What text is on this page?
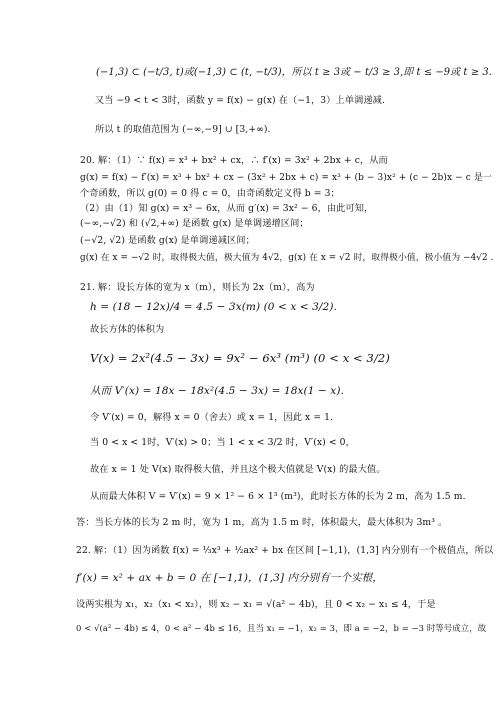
(−1,3) ⊂ (−t/3, t)或(−1,3) ⊂ (t, −t/3)，所以 t ≥ 3或 − t/3 ≥ 3,即 t ≤ −9或 t ≥ 3.
又当 −9 < t < 3时，函数 y = f(x) − g(x) 在（−1，3）上单调递减.
所以 t 的取值范围为 (−∞,−9] ∪ [3,+∞).
20. 解：（1）∵ f(x) = x³ + bx² + cx，∴ f′(x) = 3x² + 2bx + c，从而
g(x) = f(x) − f′(x) = x³ + bx² + cx − (3x² + 2bx + c) = x³ + (b − 3)x² + (c − 2b)x − c 是一
个奇函数，所以 g(0) = 0 得 c = 0，由奇函数定义得 b = 3；
（2）由（1）知 g(x) = x³ − 6x，从而 g′(x) = 3x² − 6，由此可知，
(−∞,−√2) 和 (√2,+∞) 是函数 g(x) 是单调递增区间；
(−√2, √2) 是函数 g(x) 是单调递减区间；
g(x) 在 x = −√2 时，取得极大值，极大值为 4√2，g(x) 在 x = √2 时，取得极小值，极小值为 −4√2 .
21. 解：设长方体的宽为 x（m），则长为 2x（m），高为
h = (18 − 12x)/4 = 4.5 − 3x(m) (0 < x < 3/2).
故长方体的体积为
V(x) = 2x²(4.5 − 3x) = 9x² − 6x³ (m³) (0 < x < 3/2)
从而 V′(x) = 18x − 18x²(4.5 − 3x) = 18x(1 − x).
令 V′(x) = 0，解得 x = 0（舍去）或 x = 1，因此 x = 1.
当 0 < x < 1时，V′(x) > 0；当 1 < x < 3/2 时，V′(x) < 0，
故在 x = 1 处 V(x) 取得极大值，并且这个极大值就是 V(x) 的最大值。
从而最大体积 V = V′(x) = 9 × 1² − 6 × 1³ (m³)，此时长方体的长为 2 m，高为 1.5 m.
答：当长方体的长为 2 m 时，宽为 1 m，高为 1.5 m 时，体积最大，最大体积为 3m³ 。
22. 解：（1）因为函数 f(x) = ⅓x³ + ½ax² + bx 在区间 [−1,1)，(1,3] 内分别有一个极值点，所以
f′(x) = x² + ax + b = 0 在 [−1,1)，(1,3] 内分别有一个实根，
设两实根为 x₁，x₂（x₁ < x₂），则 x₂ − x₁ = √(a² − 4b)，且 0 < x₂ − x₁ ≤ 4，于是
0 < √(a² − 4b) ≤ 4，0 < a² − 4b ≤ 16，且当 x₁ = −1，x₂ = 3，即 a = −2，b = −3 时等号成立，故
